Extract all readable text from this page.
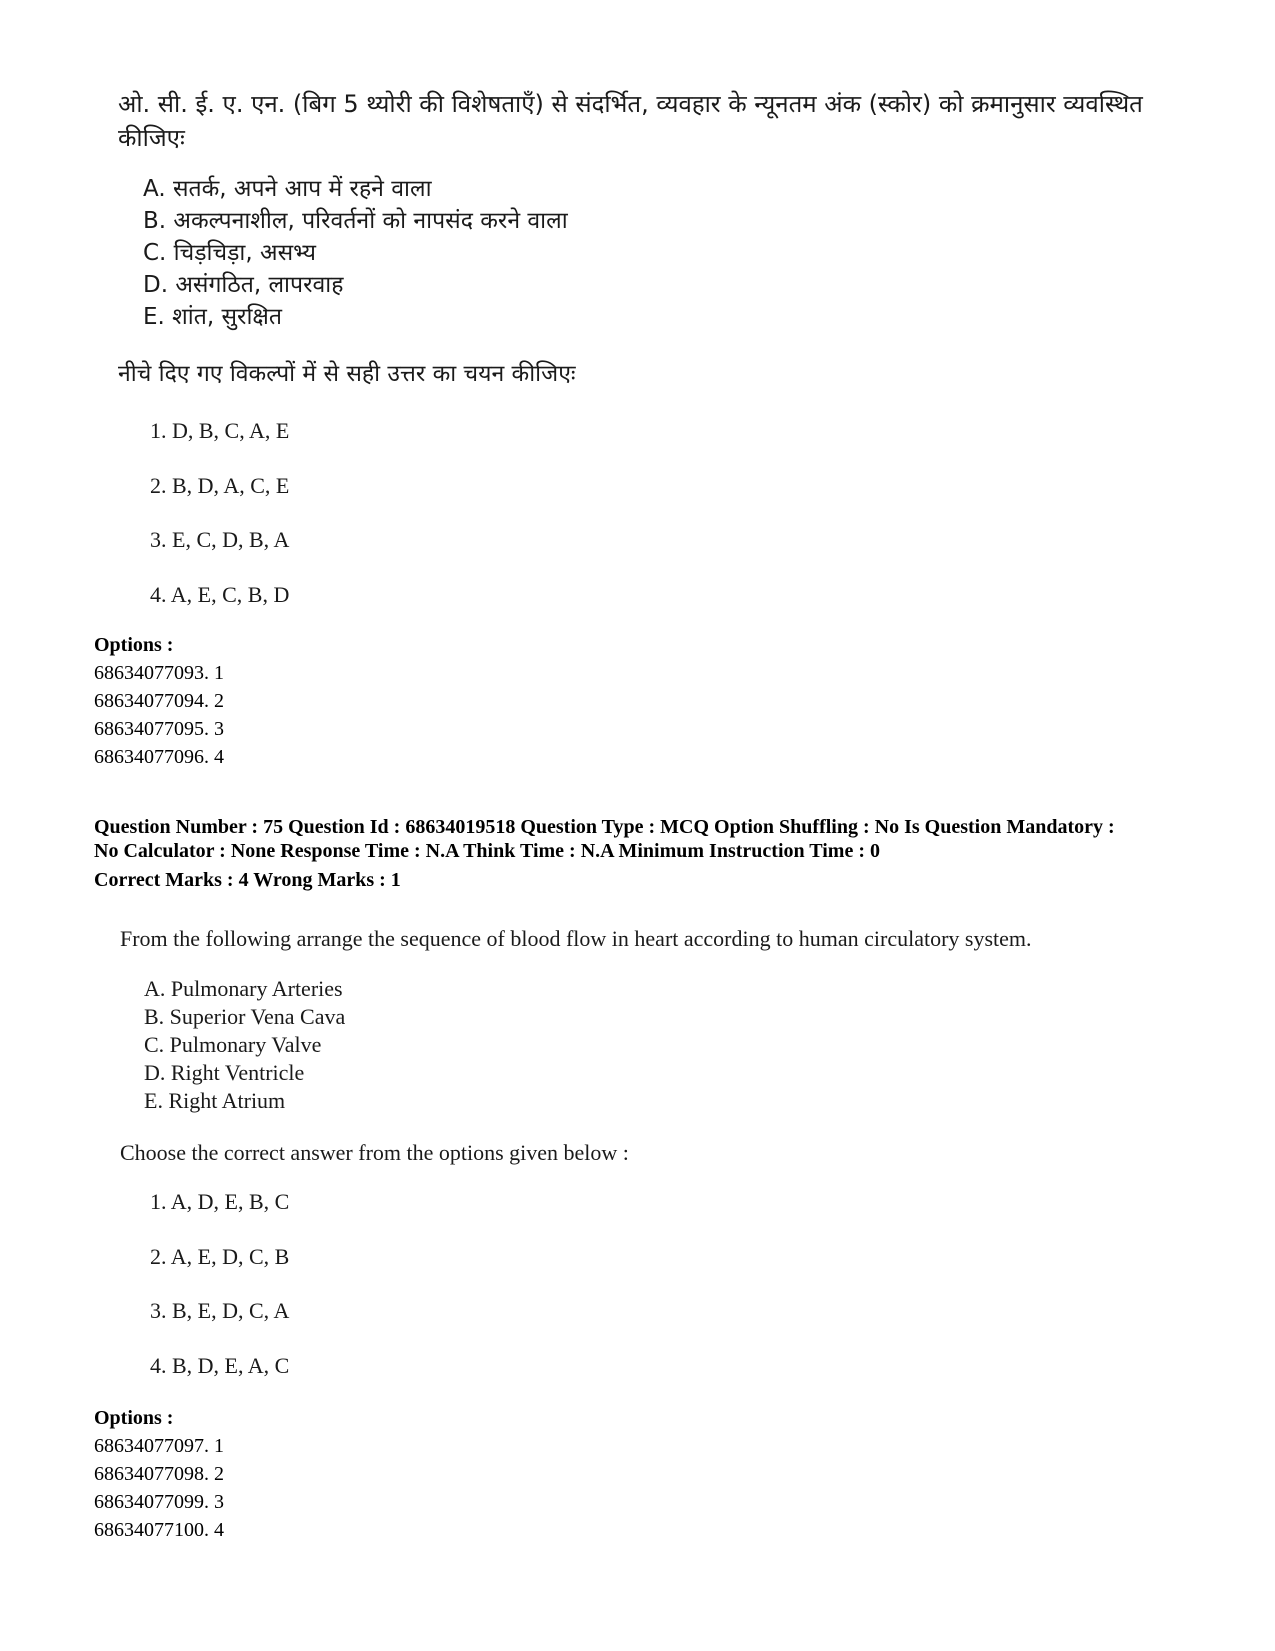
ओ. सी. ई. ए. एन. (बिग 5 थ्योरी की विशेषताएँ) से संदर्भित, व्यवहार के न्यूनतम अंक (स्कोर) को क्रमानुसार व्यवस्थित कीजिएः
A. सतर्क, अपने आप में रहने वाला
B. अकल्पनाशील, परिवर्तनों को नापसंद करने वाला
C. चिड़चिड़ा, असभ्य
D. असंगठित, लापरवाह
E. शांत, सुरक्षित
नीचे दिए गए विकल्पों में से सही उत्तर का चयन कीजिएः
1. D, B, C, A, E
2. B, D, A, C, E
3. E, C, D, B, A
4. A, E, C, B, D
Options :
68634077093. 1
68634077094. 2
68634077095. 3
68634077096. 4
Question Number : 75 Question Id : 68634019518 Question Type : MCQ Option Shuffling : No Is Question Mandatory :
No Calculator : None Response Time : N.A Think Time : N.A Minimum Instruction Time : 0
Correct Marks : 4 Wrong Marks : 1
From the following arrange the sequence of blood flow in heart according to human circulatory system.
A. Pulmonary Arteries
B. Superior Vena Cava
C. Pulmonary Valve
D. Right Ventricle
E. Right Atrium
Choose the correct answer from the options given below :
1. A, D, E, B, C
2. A, E, D, C, B
3. B, E, D, C, A
4. B, D, E, A, C
Options :
68634077097. 1
68634077098. 2
68634077099. 3
68634077100. 4
